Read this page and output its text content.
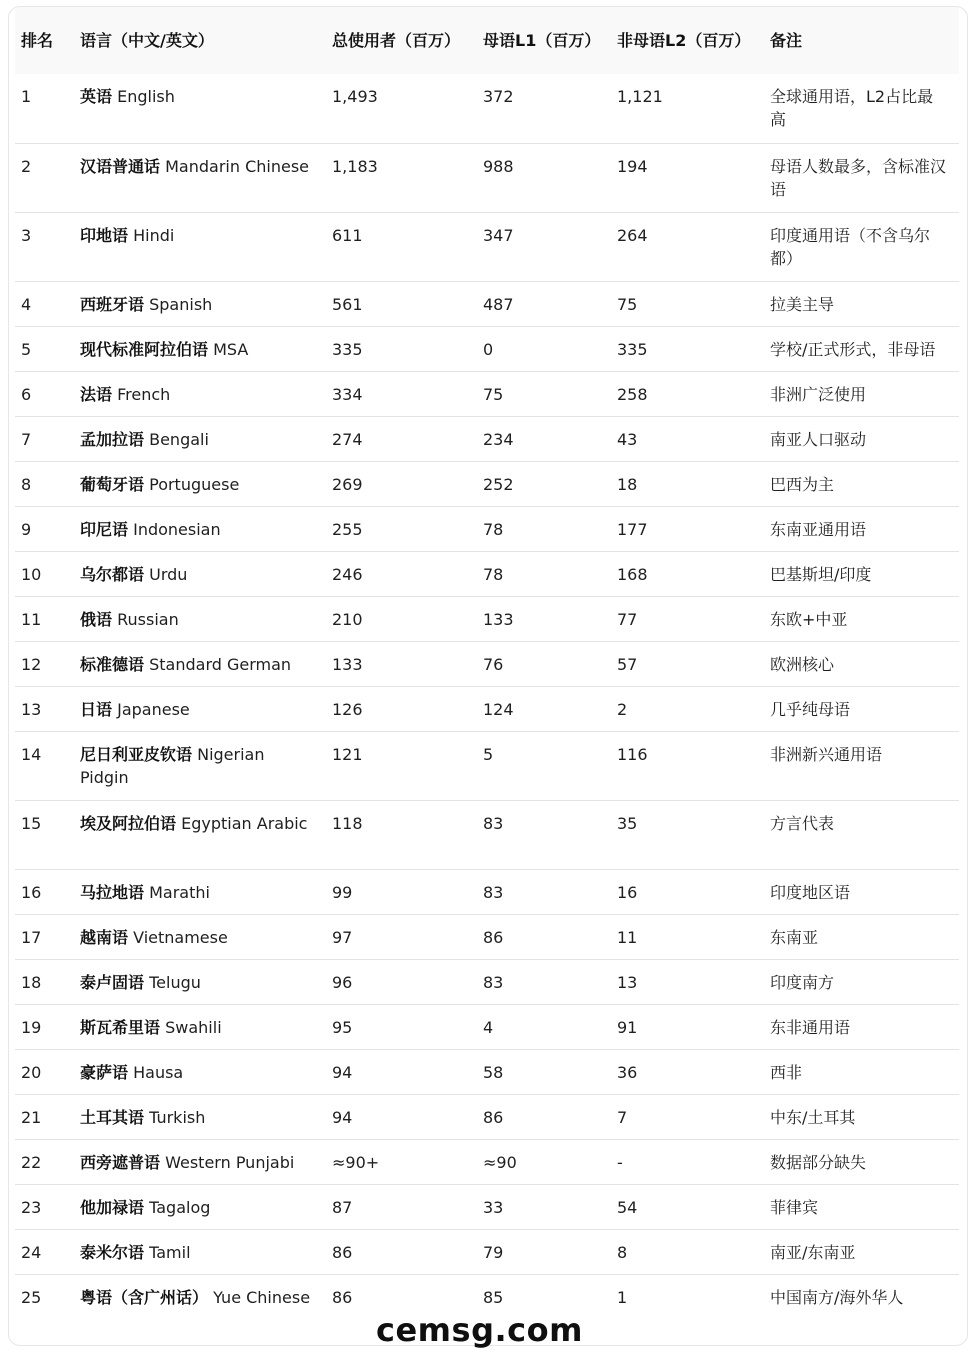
排名	语言（中文/英文）	总使用者（百万）	母语L1（百万）	非母语L2（百万）	备注
1	英语 English	1,493	372	1,121	全球通用语，L2占比最高
2	汉语普通话 Mandarin Chinese	1,183	988	194	母语人数最多，含标准汉语
3	印地语 Hindi	611	347	264	印度通用语（不含乌尔都）
4	西班牙语 Spanish	561	487	75	拉美主导
5	现代标准阿拉伯语 MSA	335	0	335	学校/正式形式，非母语
6	法语 French	334	75	258	非洲广泛使用
7	孟加拉语 Bengali	274	234	43	南亚人口驱动
8	葡萄牙语 Portuguese	269	252	18	巴西为主
9	印尼语 Indonesian	255	78	177	东南亚通用语
10	乌尔都语 Urdu	246	78	168	巴基斯坦/印度
11	俄语 Russian	210	133	77	东欧+中亚
12	标准德语 Standard German	133	76	57	欧洲核心
13	日语 Japanese	126	124	2	几乎纯母语
14	尼日利亚皮钦语 Nigerian Pidgin	121	5	116	非洲新兴通用语
15	埃及阿拉伯语 Egyptian Arabic	118	83	35	方言代表
16	马拉地语 Marathi	99	83	16	印度地区语
17	越南语 Vietnamese	97	86	11	东南亚
18	泰卢固语 Telugu	96	83	13	印度南方
19	斯瓦希里语 Swahili	95	4	91	东非通用语
20	豪萨语 Hausa	94	58	36	西非
21	土耳其语 Turkish	94	86	7	中东/土耳其
22	西旁遮普语 Western Punjabi	≈90+	≈90	-	数据部分缺失
23	他加禄语 Tagalog	87	33	54	菲律宾
24	泰米尔语 Tamil	86	79	8	南亚/东南亚
25	粤语（含广州话） Yue Chinese	86	85	1	中国南方/海外华人
cemsg.com
